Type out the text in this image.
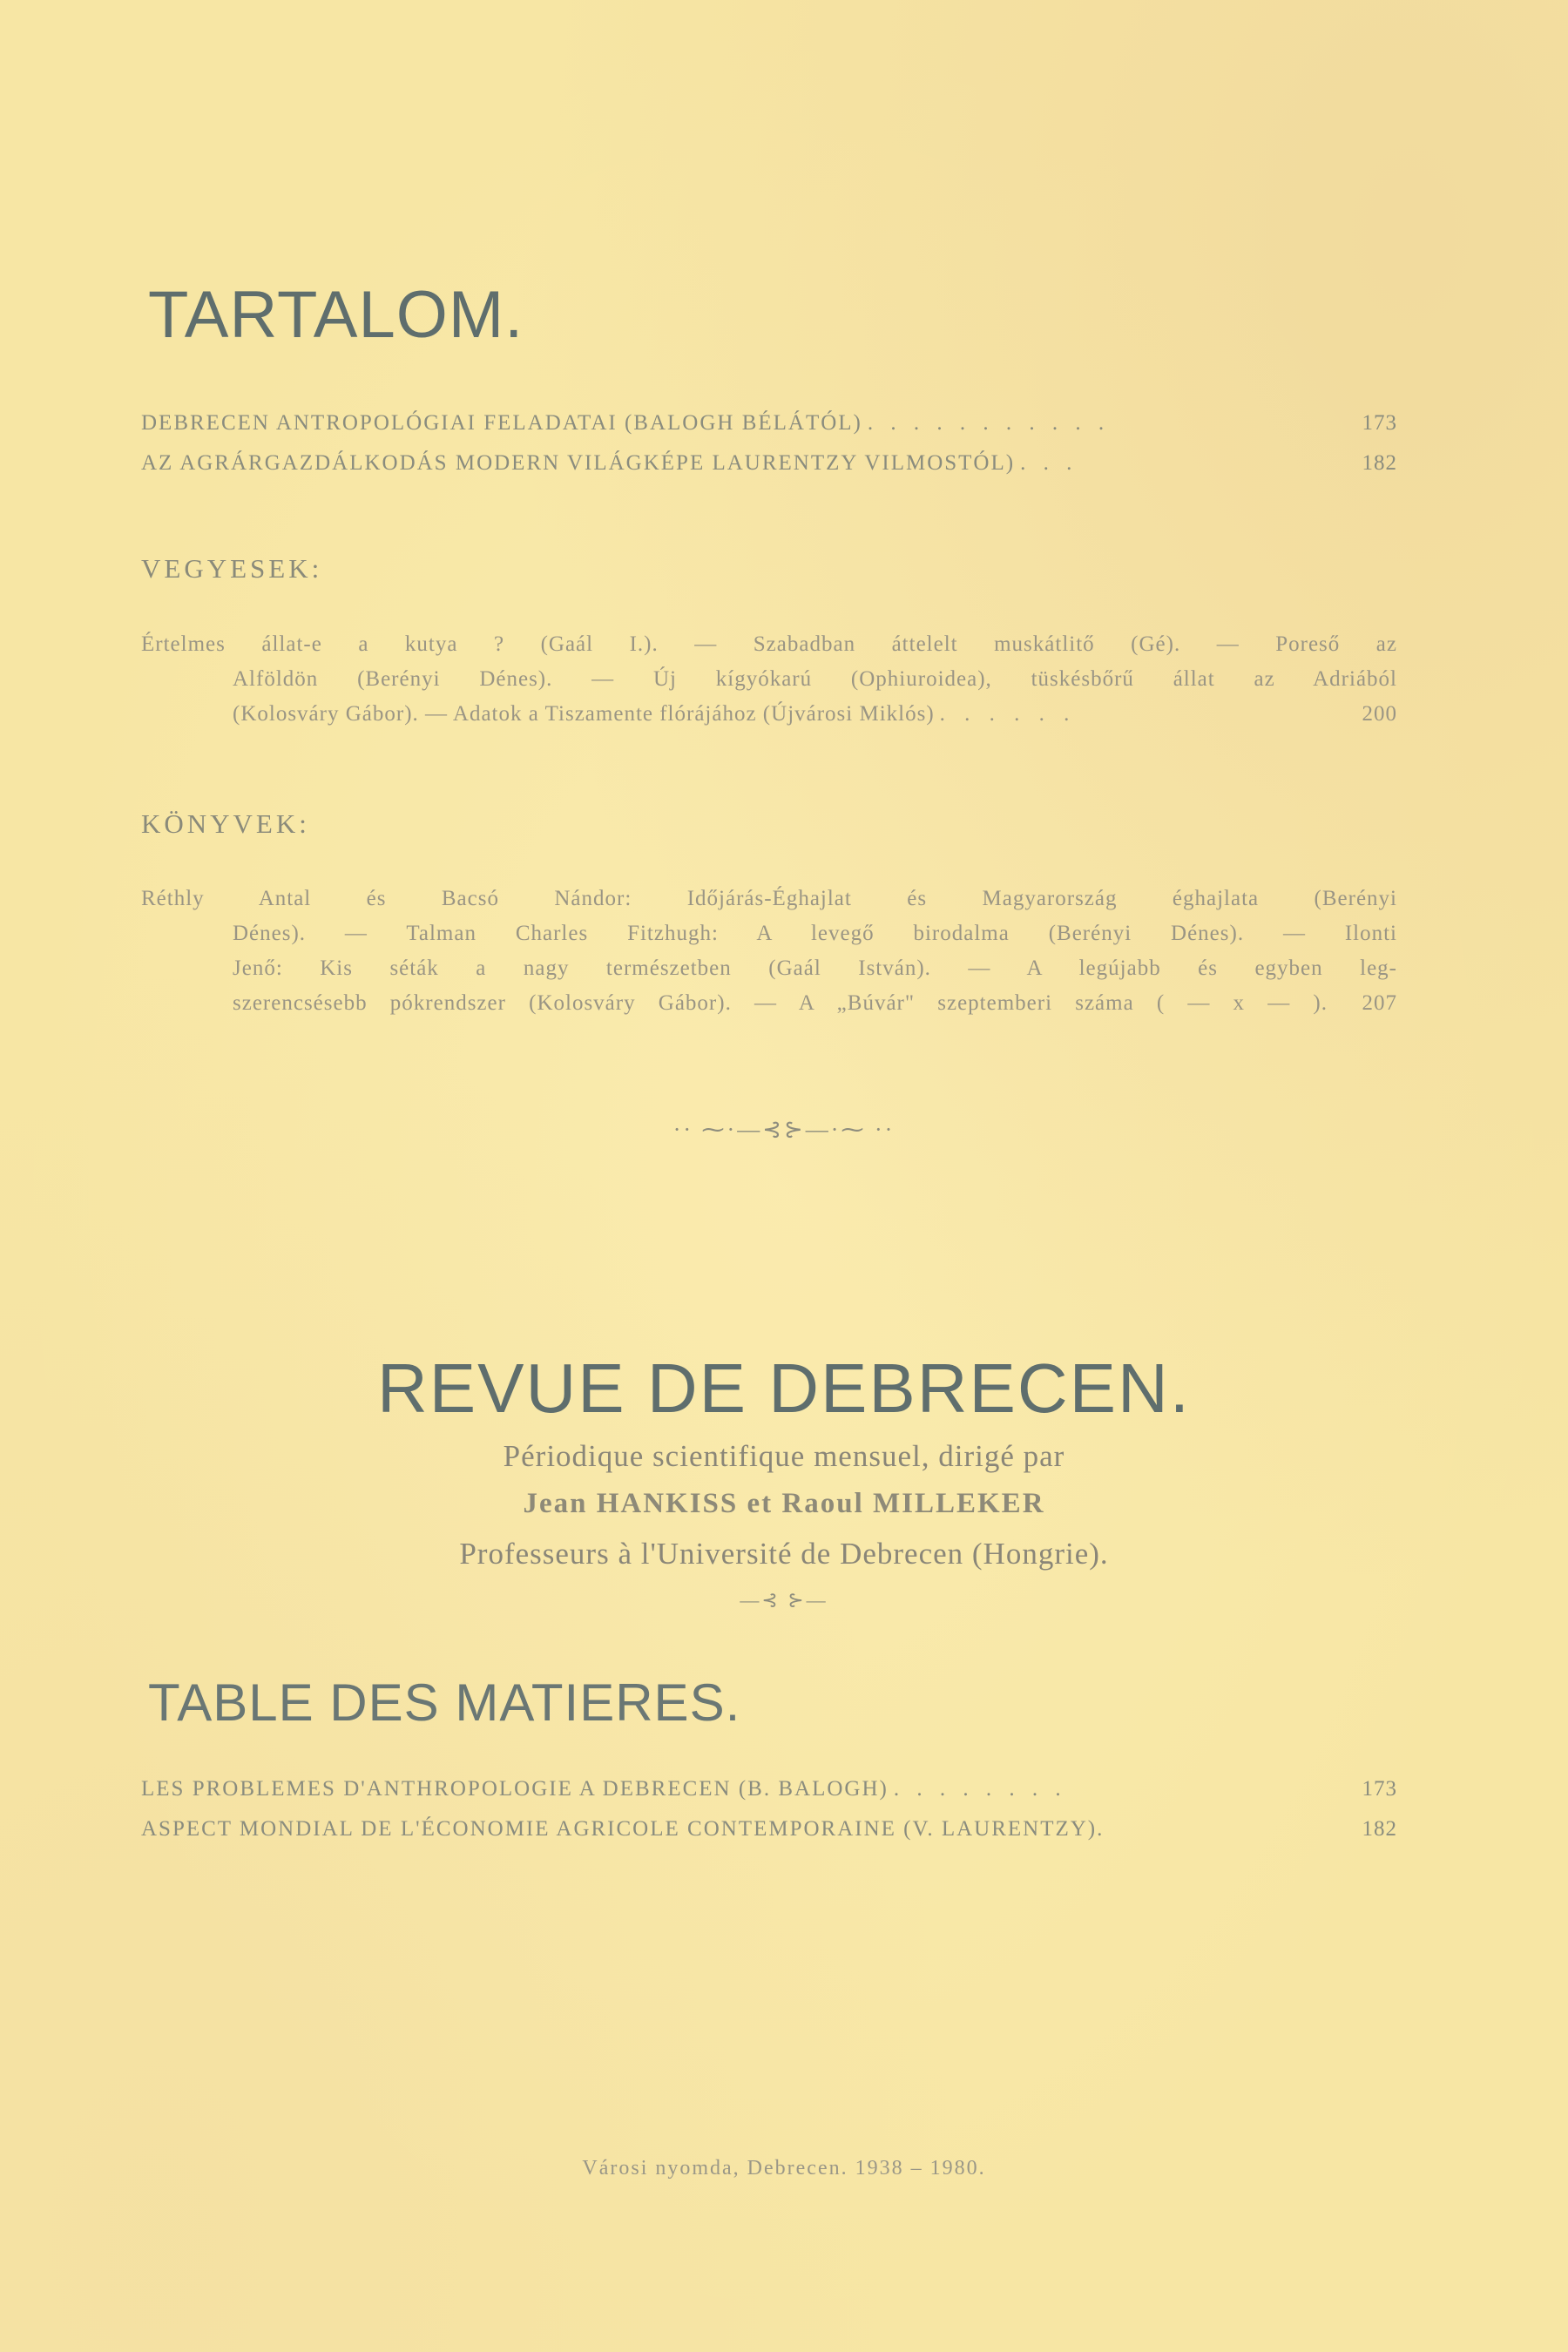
TARTALOM.
DEBRECEN ANTROPOLÓGIAI FELADATAI (BALOGH BÉLÁTÓL) . . . . . . . . . . .	173
AZ AGRÁRGAZDÁLKODÁS MODERN VILÁGKÉPE LAURENTZY VILMOSTÓL) . . .	182
VEGYESEK:
Értelmes állat-e a kutya ? (Gaál I.). — Szabadban áttelelt muskátlitő (Gé). — Poreső az
Alföldön (Berényi Dénes). — Új kígyókarú (Ophiuroidea), tüskésbőrű állat az Adriából
(Kolosváry Gábor). — Adatok a Tiszamente flórájához (Újvárosi Miklós) . . . . . .	200
KÖNYVEK:
Réthly Antal és Bacsó Nándor: Időjárás-Éghajlat és Magyarország éghajlata (Berényi
Dénes). — Talman Charles Fitzhugh: A levegő birodalma (Berényi Dénes). — Ilonti
Jenő: Kis séták a nagy természetben (Gaál István). — A legújabb és egyben leg-
szerencsésebb pókrendszer (Kolosváry Gábor). — A „Búvár" szeptemberi száma ( — x — ).	207
·· ⁓·—⊰⊱—·⁓ ··
REVUE DE DEBRECEN.
Périodique scientifique mensuel, dirigé par
Jean HANKISS et Raoul MILLEKER
Professeurs à l'Université de Debrecen (Hongrie).
—⊰ ⊱—
TABLE DES MATIERES.
LES PROBLEMES D'ANTHROPOLOGIE A DEBRECEN (B. BALOGH) . . . . . . . .	173
ASPECT MONDIAL DE L'ÉCONOMIE AGRICOLE CONTEMPORAINE (V. LAURENTZY).	182
Városi nyomda, Debrecen. 1938 – 1980.
